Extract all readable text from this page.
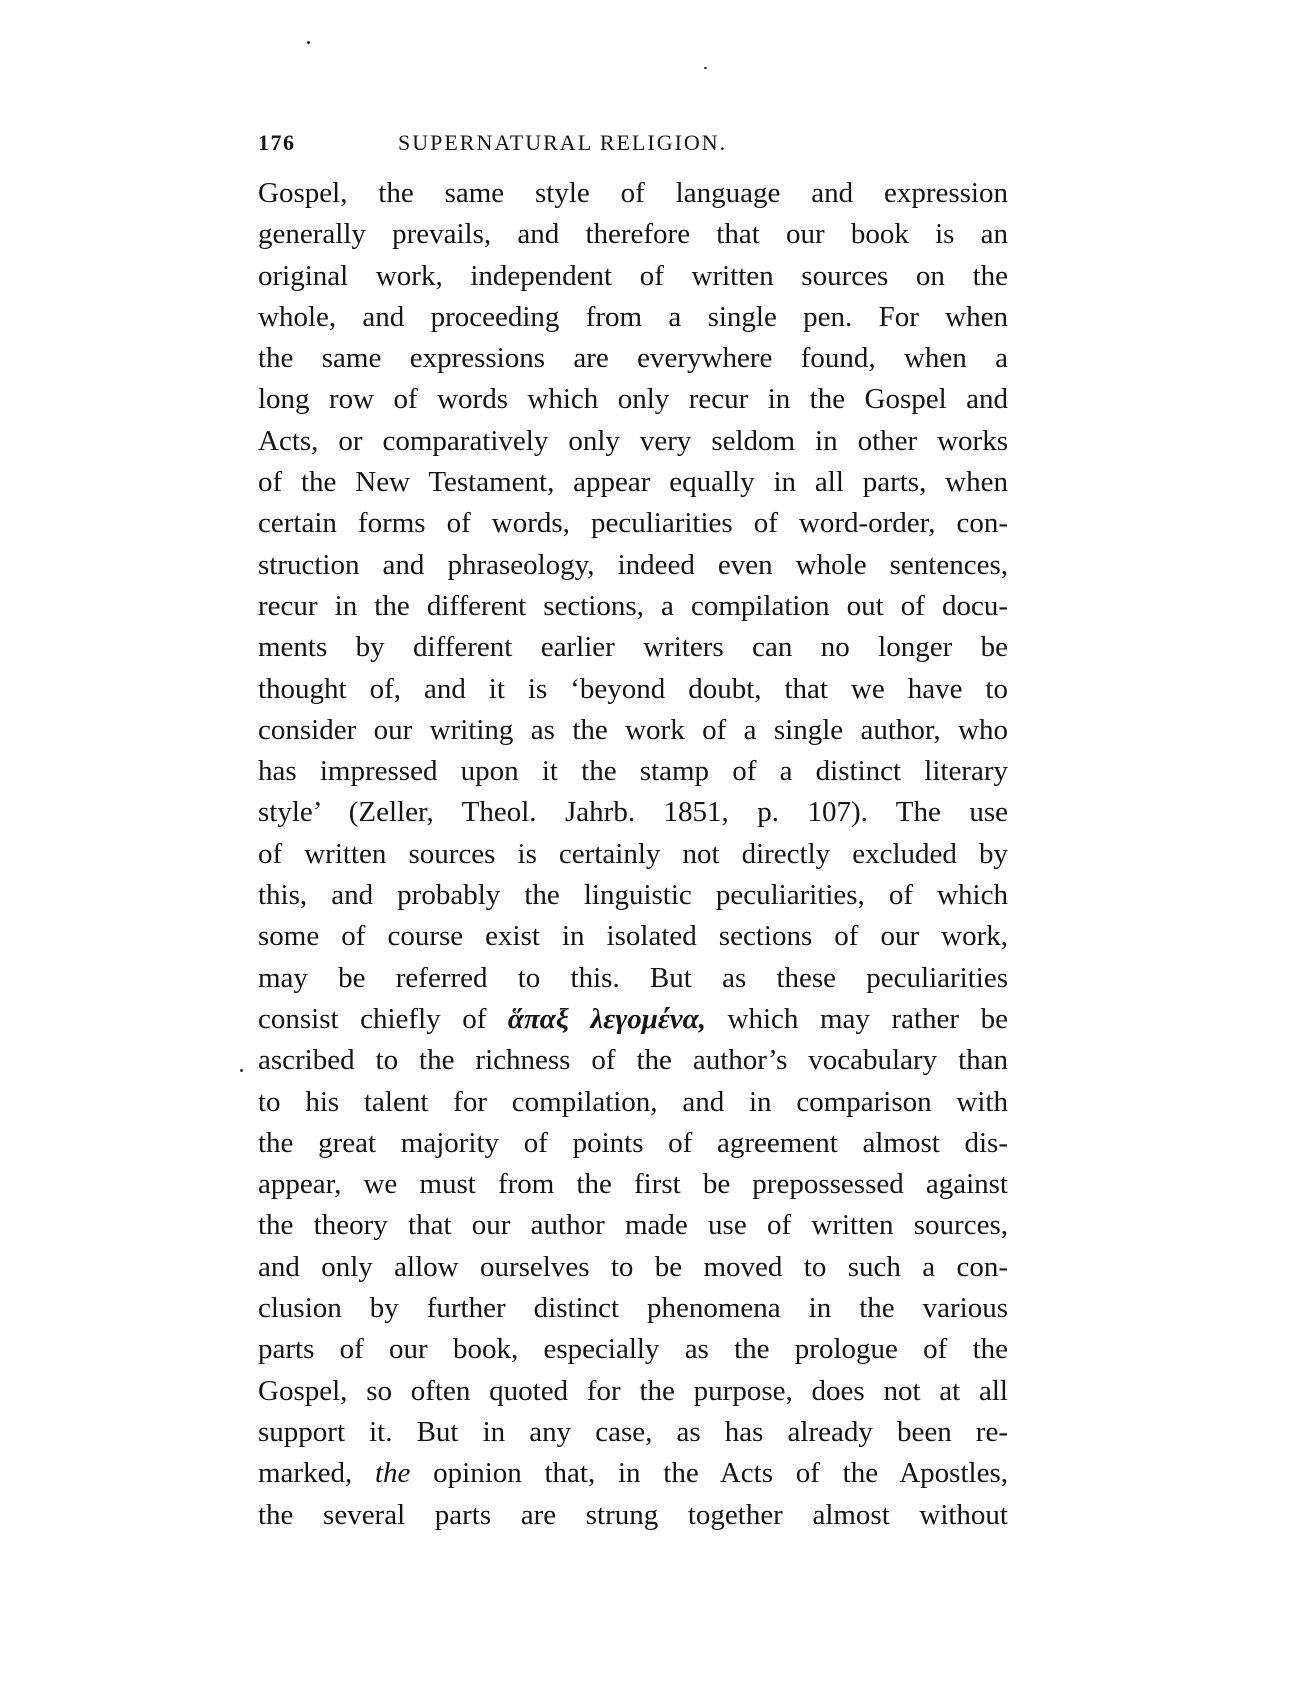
176	SUPERNATURAL RELIGION.
Gospel, the same style of language and expression
generally prevails, and therefore that our book is an
original work, independent of written sources on the
whole, and proceeding from a single pen. For when
the same expressions are everywhere found, when a
long row of words which only recur in the Gospel and
Acts, or comparatively only very seldom in other works
of the New Testament, appear equally in all parts, when
certain forms of words, peculiarities of word-order, con-
struction and phraseology, indeed even whole sentences,
recur in the different sections, a compilation out of docu-
ments by different earlier writers can no longer be
thought of, and it is ‘beyond doubt, that we have to
consider our writing as the work of a single author, who
has impressed upon it the stamp of a distinct literary
style’ (Zeller, Theol. Jahrb. 1851, p. 107). The use
of written sources is certainly not directly excluded by
this, and probably the linguistic peculiarities, of which
some of course exist in isolated sections of our work,
may be referred to this. But as these peculiarities
consist chiefly of ἅπαξ λεγομένα, which may rather be
ascribed to the richness of the author’s vocabulary than
to his talent for compilation, and in comparison with
the great majority of points of agreement almost dis-
appear, we must from the first be prepossessed against
the theory that our author made use of written sources,
and only allow ourselves to be moved to such a con-
clusion by further distinct phenomena in the various
parts of our book, especially as the prologue of the
Gospel, so often quoted for the purpose, does not at all
support it. But in any case, as has already been re-
marked, the opinion that, in the Acts of the Apostles,
the several parts are strung together almost without
